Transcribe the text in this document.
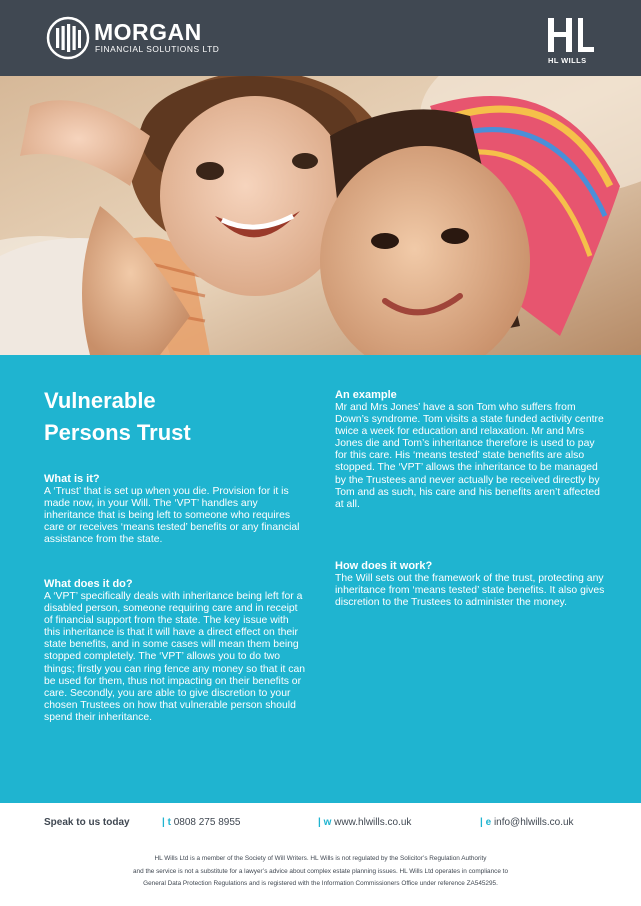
MORGAN
FINANCIAL SOLUTIONS LTD
HL WILLS
Vulnerable
Persons Trust
What is it?
A ‘Trust’ that is set up when you die. Provision for it is made now, in your Will. The ‘VPT’ handles any inheritance that is being left to someone who requires care or receives ‘means tested’ benefits or any financial assistance from the state.
What does it do?
A ‘VPT’ specifically deals with inheritance being left for a disabled person, someone requiring care and in receipt of financial support from the state. The key issue with this inheritance is that it will have a direct effect on their state benefits, and in some cases will mean them being stopped completely. The ‘VPT’ allows you to do two things; firstly you can ring fence any money so that it can be used for them, thus not impacting on their benefits or care. Secondly, you are able to give discretion to your chosen Trustees on how that vulnerable person should spend their inheritance.
An example
Mr and Mrs Jones’ have a son Tom who suffers from Down’s syndrome. Tom visits a state funded activity centre twice a week for education and relaxation. Mr and Mrs Jones die and Tom’s inheritance therefore is used to pay for this care. His ‘means tested’ state benefits are also stopped. The ‘VPT’ allows the inheritance to be managed by the Trustees and never actually be received directly by Tom and as such, his care and his benefits aren’t affected at all.
How does it work?
The Will sets out the framework of the trust, protecting any inheritance from ‘means tested’ state benefits. It also gives discretion to the Trustees to administer the money.
Speak to us today	| t 0808 275 8955	| w www.hlwills.co.uk	| e info@hlwills.co.uk
HL Wills Ltd is a member of the Society of Will Writers. HL Wills is not regulated by the Solicitor’s Regulation Authority
and the service is not a substitute for a lawyer’s advice about complex estate planning issues. HL Wills Ltd operates in compliance to
General Data Protection Regulations and is registered with the Information Commissioners Office under reference ZA545295.
